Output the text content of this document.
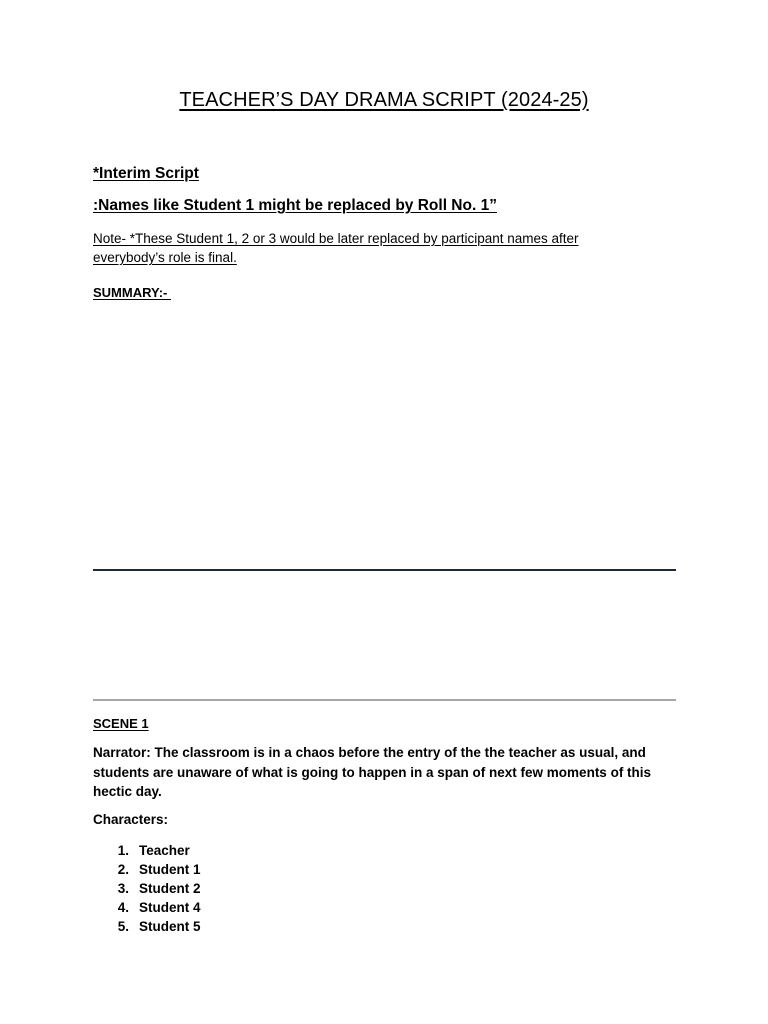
TEACHER’S DAY DRAMA SCRIPT (2024-25)

*Interim Script

:Names like Student 1 might be replaced by Roll No. 1”

Note- *These Student 1, 2 or 3 would be later replaced by participant names after everybody’s role is final.

SUMMARY:-

SCENE 1

Narrator: The classroom is in a chaos before the entry of the the teacher as usual, and students are unaware of what is going to happen in a span of next few moments of this hectic day.

Characters:

1. Teacher
2. Student 1
3. Student 2
4. Student 4
5. Student 5
